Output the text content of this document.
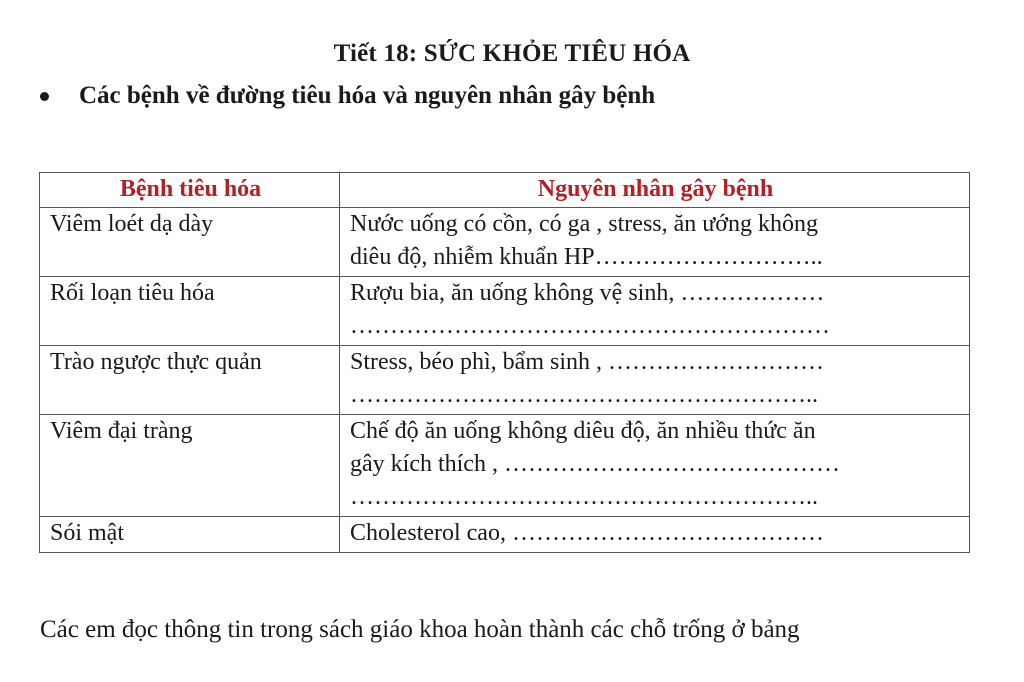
Tiết 18: SỨC KHỎE TIÊU HÓA
Các bệnh về đường tiêu hóa và nguyên nhân gây bệnh
Bệnh tiêu hóa	Nguyên nhân gây bệnh
Viêm loét dạ dày	Nước uống có cồn, có ga , stress, ăn ướng không
diêu độ, nhiễm khuẩn HP………………………..
Rối loạn tiêu hóa	Rượu bia, ăn uống không vệ sinh, ………………
……………………………………………………
Trào ngược thực quản	Stress, béo phì, bẩm sinh , ………………………
…………………………………………………..
Viêm đại tràng	Chế độ ăn uống không diêu độ, ăn nhiều thức ăn
gây kích thích , ……………………………………
…………………………………………………..
Sói mật	Cholesterol cao, …………………………………
Các em đọc thông tin trong sách giáo khoa hoàn thành các chỗ trống ở bảng
